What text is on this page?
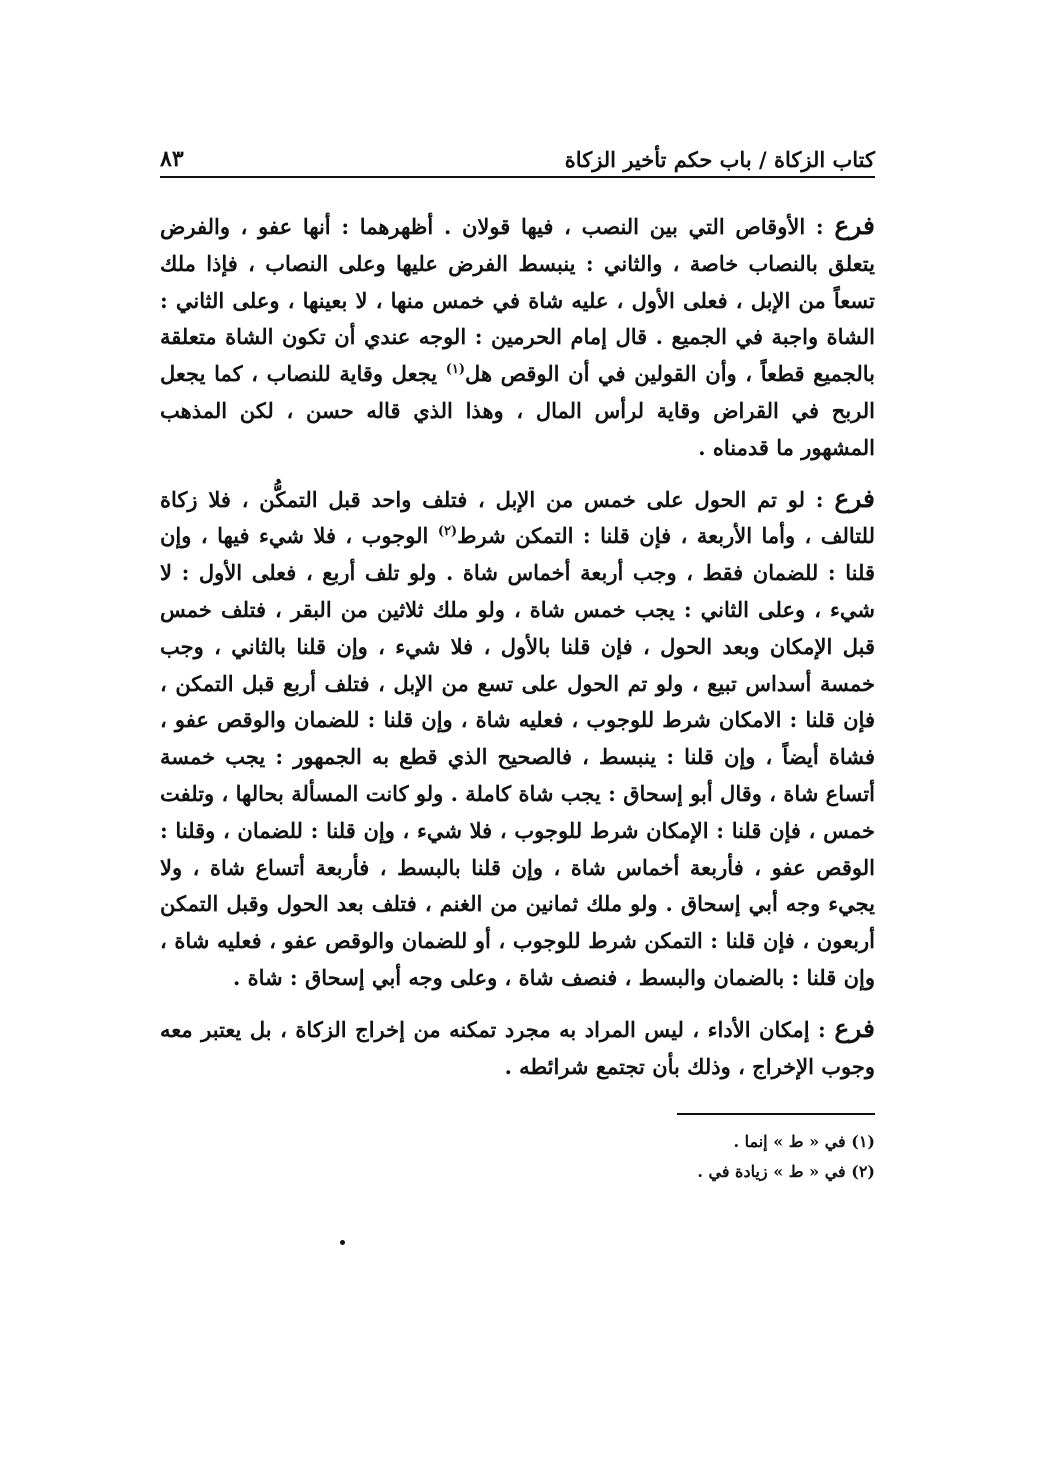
كتاب الزكاة / باب حكم تأخير الزكاة
٨٣

فرع : الأوقاص التي بين النصب ، فيها قولان . أظهرهما : أنها عفو ، والفرض يتعلق بالنصاب خاصة ، والثاني : ينبسط الفرض عليها وعلى النصاب ، فإذا ملك تسعاً من الإبل ، فعلى الأول ، عليه شاة في خمس منها ، لا بعينها ، وعلى الثاني : الشاة واجبة في الجميع . قال إمام الحرمين : الوجه عندي أن تكون الشاة متعلقة بالجميع قطعاً ، وأن القولين في أن الوقص هل$^{(١)}$ يجعل وقاية للنصاب ، كما يجعل الربح في القراض وقاية لرأس المال ، وهذا الذي قاله حسن ، لكن المذهب المشهور ما قدمناه .

فرع : لو تم الحول على خمس من الإبل ، فتلف واحد قبل التمكُّن ، فلا زكاة للتالف ، وأما الأربعة ، فإن قلنا : التمكن شرط$^{(٢)}$ الوجوب ، فلا شيء فيها ، وإن قلنا : للضمان فقط ، وجب أربعة أخماس شاة . ولو تلف أربع ، فعلى الأول : لا شيء ، وعلى الثاني : يجب خمس شاة ، ولو ملك ثلاثين من البقر ، فتلف خمس قبل الإمكان وبعد الحول ، فإن قلنا بالأول ، فلا شيء ، وإن قلنا بالثاني ، وجب خمسة أسداس تبيع ، ولو تم الحول على تسع من الإبل ، فتلف أربع قبل التمكن ، فإن قلنا : الامكان شرط للوجوب ، فعليه شاة ، وإن قلنا : للضمان والوقص عفو ، فشاة أيضاً ، وإن قلنا : ينبسط ، فالصحيح الذي قطع به الجمهور : يجب خمسة أتساع شاة ، وقال أبو إسحاق : يجب شاة كاملة . ولو كانت المسألة بحالها ، وتلفت خمس ، فإن قلنا : الإمكان شرط للوجوب ، فلا شيء ، وإن قلنا : للضمان ، وقلنا : الوقص عفو ، فأربعة أخماس شاة ، وإن قلنا بالبسط ، فأربعة أتساع شاة ، ولا يجيء وجه أبي إسحاق . ولو ملك ثمانين من الغنم ، فتلف بعد الحول وقبل التمكن أربعون ، فإن قلنا : التمكن شرط للوجوب ، أو للضمان والوقص عفو ، فعليه شاة ، وإن قلنا : بالضمان والبسط ، فنصف شاة ، وعلى وجه أبي إسحاق : شاة .

فرع : إمكان الأداء ، ليس المراد به مجرد تمكنه من إخراج الزكاة ، بل يعتبر معه وجوب الإخراج ، وذلك بأن تجتمع شرائطه .

(١) في « ط » إنما .
(٢) في « ط » زيادة في .
